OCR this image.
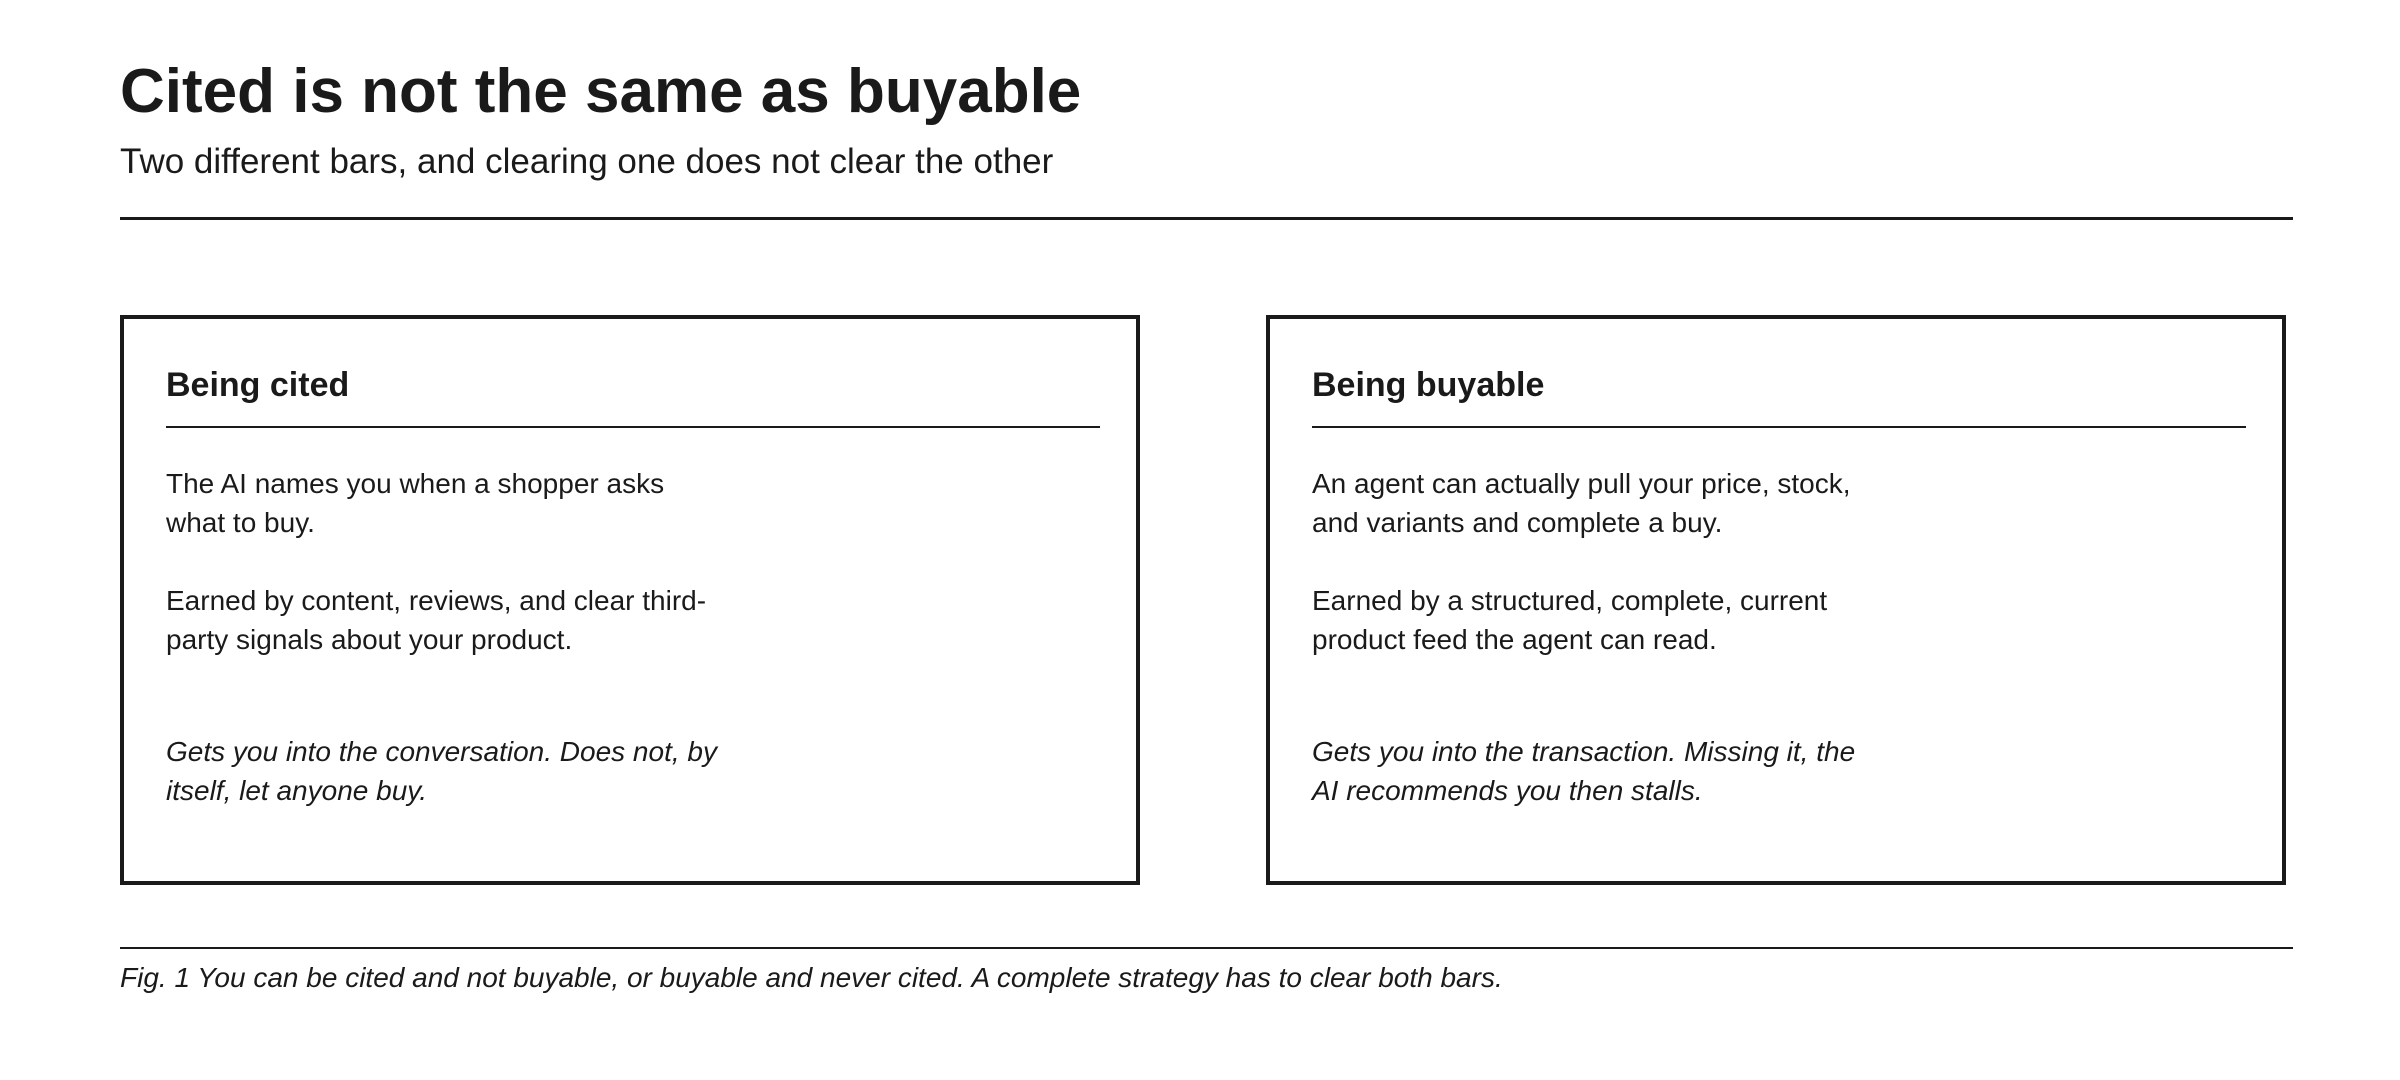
Cited is not the same as buyable
Two different bars, and clearing one does not clear the other
Being cited

The AI names you when a shopper asks what to buy.

Earned by content, reviews, and clear third-party signals about your product.

Gets you into the conversation. Does not, by itself, let anyone buy.

Being buyable

An agent can actually pull your price, stock, and variants and complete a buy.

Earned by a structured, complete, current product feed the agent can read.

Gets you into the transaction. Missing it, the AI recommends you then stalls.

Fig. 1 You can be cited and not buyable, or buyable and never cited. A complete strategy has to clear both bars.
